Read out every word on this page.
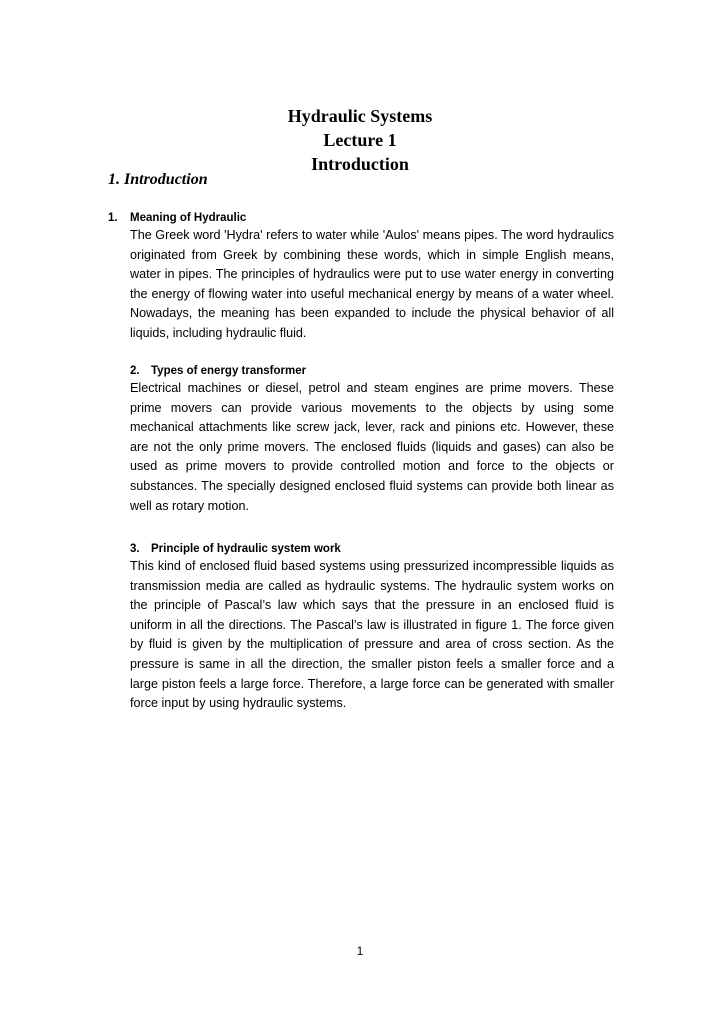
Hydraulic Systems
Lecture 1
Introduction
1. Introduction
1. Meaning of Hydraulic
The Greek word 'Hydra' refers to water while 'Aulos' means pipes. The word hydraulics originated from Greek by combining these words, which in simple English means, water in pipes. The principles of hydraulics were put to use water energy in converting the energy of flowing water into useful mechanical energy by means of a water wheel. Nowadays, the meaning has been expanded to include the physical behavior of all liquids, including hydraulic fluid.
2. Types of energy transformer
Electrical machines or diesel, petrol and steam engines are prime movers. These prime movers can provide various movements to the objects by using some mechanical attachments like screw jack, lever, rack and pinions etc. However, these are not the only prime movers. The enclosed fluids (liquids and gases) can also be used as prime movers to provide controlled motion and force to the objects or substances. The specially designed enclosed fluid systems can provide both linear as well as rotary motion.
3. Principle of hydraulic system work
This kind of enclosed fluid based systems using pressurized incompressible liquids as transmission media are called as hydraulic systems. The hydraulic system works on the principle of Pascal’s law which says that the pressure in an enclosed fluid is uniform in all the directions. The Pascal’s law is illustrated in figure 1. The force given by fluid is given by the multiplication of pressure and area of cross section. As the pressure is same in all the direction, the smaller piston feels a smaller force and a large piston feels a large force. Therefore, a large force can be generated with smaller force input by using hydraulic systems.
1
